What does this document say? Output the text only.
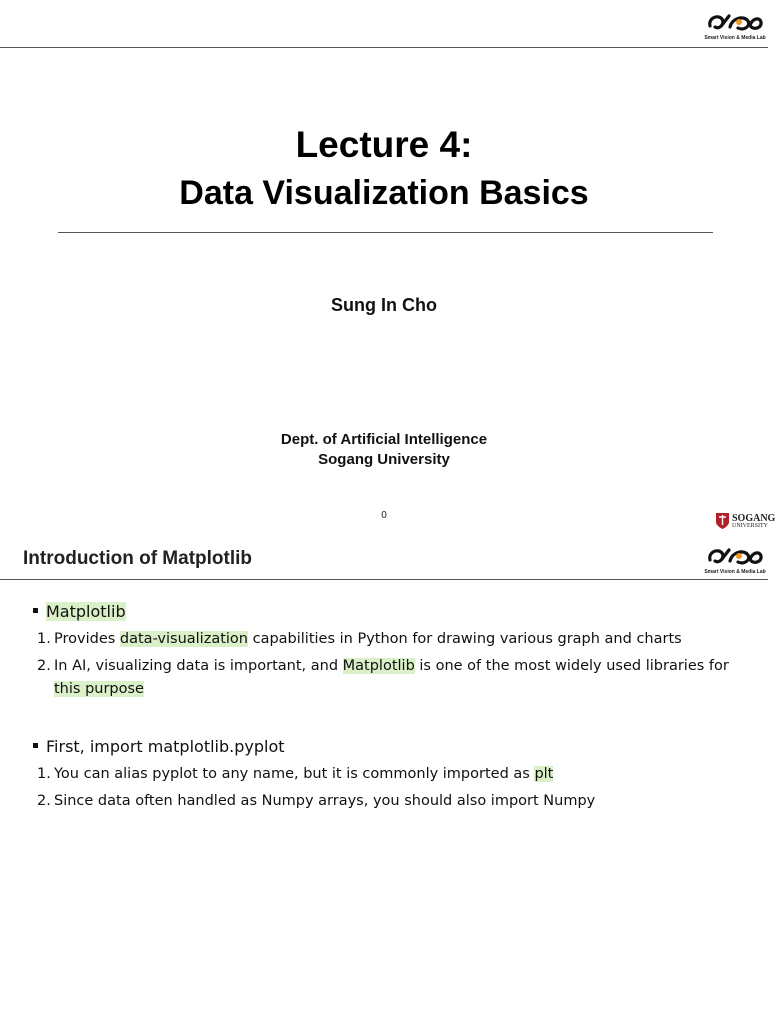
Smart Vision & Media Lab
Lecture 4:
Data Visualization Basics
Sung In Cho
Dept. of Artificial Intelligence
Sogang University
0	SOGANG
UNIVERSITY
Introduction of Matplotlib
Smart Vision & Media Lab
Matplotlib
1. Provides data-visualization capabilities in Python for drawing various graph and charts
2. In AI, visualizing data is important, and Matplotlib is one of the most widely used libraries for
this purpose
First, import matplotlib.pyplot
1. You can alias pyplot to any name, but it is commonly imported as plt
2. Since data often handled as Numpy arrays, you should also import Numpy
